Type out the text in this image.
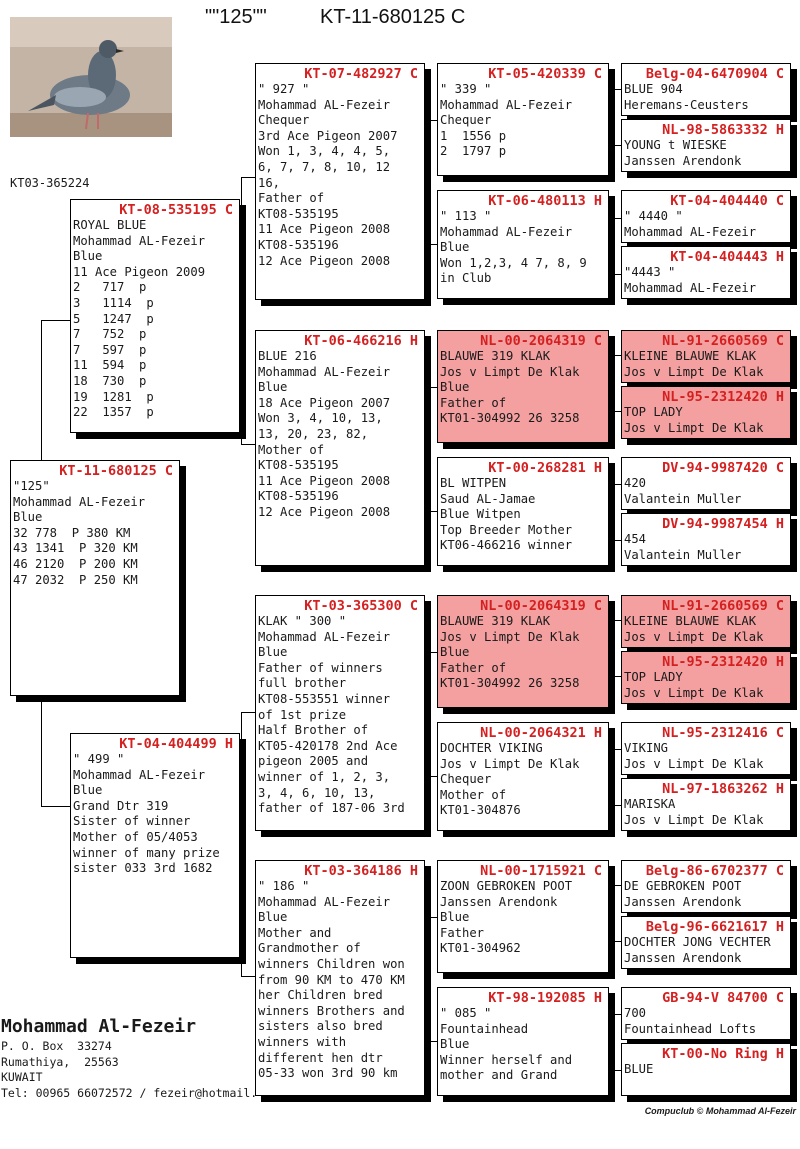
""125""	KT-11-680125 C
KT03-365224
KT-11-680125 C
"125"
Mohammad AL-Fezeir
Blue
32 778  P 380 KM
43 1341  P 320 KM
46 2120  P 200 KM
47 2032  P 250 KM
KT-08-535195 C
ROYAL BLUE
Mohammad AL-Fezeir
Blue
11 Ace Pigeon 2009
2   717  p
3   1114  p
5   1247  p
7   752  p
7   597  p
11  594  p
18  730  p
19  1281  p
22  1357  p
KT-04-404499 H
" 499 "
Mohammad AL-Fezeir
Blue
Grand Dtr 319
Sister of winner
Mother of 05/4053
winner of many prize
sister 033 3rd 1682
KT-07-482927 C
" 927 "
Mohammad AL-Fezeir
Chequer
3rd Ace Pigeon 2007
Won 1, 3, 4, 4, 5,
6, 7, 7, 8, 10, 12
16,
Father of
KT08-535195
11 Ace Pigeon 2008
KT08-535196
12 Ace Pigeon 2008
KT-06-466216 H
BLUE 216
Mohammad AL-Fezeir
Blue
18 Ace Pigeon 2007
Won 3, 4, 10, 13,
13, 20, 23, 82,
Mother of
KT08-535195
11 Ace Pigeon 2008
KT08-535196
12 Ace Pigeon 2008
KT-03-365300 C
KLAK " 300 "
Mohammad AL-Fezeir
Blue
Father of winners
full brother
KT08-553551 winner
of 1st prize
Half Brother of
KT05-420178 2nd Ace
pigeon 2005 and
winner of 1, 2, 3,
3, 4, 6, 10, 13,
father of 187-06 3rd
KT-03-364186 H
" 186 "
Mohammad AL-Fezeir
Blue
Mother and
Grandmother of
winners Children won
from 90 KM to 470 KM
her Children bred
winners Brothers and
sisters also bred
winners with
different hen dtr
05-33 won 3rd 90 km
KT-05-420339 C
" 339 "
Mohammad AL-Fezeir
Chequer
1  1556 p
2  1797 p
KT-06-480113 H
" 113 "
Mohammad AL-Fezeir
Blue
Won 1,2,3, 4 7, 8, 9
in Club
NL-00-2064319 C
BLAUWE 319 KLAK
Jos v Limpt De Klak
Blue
Father of
KT01-304992 26 3258
KT-00-268281 H
BL WITPEN
Saud AL-Jamae
Blue Witpen
Top Breeder Mother
KT06-466216 winner
NL-00-2064319 C
BLAUWE 319 KLAK
Jos v Limpt De Klak
Blue
Father of
KT01-304992 26 3258
NL-00-2064321 H
DOCHTER VIKING
Jos v Limpt De Klak
Chequer
Mother of
KT01-304876
NL-00-1715921 C
ZOON GEBROKEN POOT
Janssen Arendonk
Blue
Father
KT01-304962
KT-98-192085 H
" 085 "
Fountainhead
Blue
Winner herself and
mother and Grand
Belg-04-6470904 C
BLUE 904
Heremans-Ceusters
NL-98-5863332 H
YOUNG t WIESKE
Janssen Arendonk
KT-04-404440 C
" 4440 "
Mohammad AL-Fezeir
KT-04-404443 H
"4443 "
Mohammad AL-Fezeir
NL-91-2660569 C
KLEINE BLAUWE KLAK
Jos v Limpt De Klak
NL-95-2312420 H
TOP LADY
Jos v Limpt De Klak
DV-94-9987420 C
420
Valantein Muller
DV-94-9987454 H
454
Valantein Muller
NL-91-2660569 C
KLEINE BLAUWE KLAK
Jos v Limpt De Klak
NL-95-2312420 H
TOP LADY
Jos v Limpt De Klak
NL-95-2312416 C
VIKING
Jos v Limpt De Klak
NL-97-1863262 H
MARISKA
Jos v Limpt De Klak
Belg-86-6702377 C
DE GEBROKEN POOT
Janssen Arendonk
Belg-96-6621617 H
DOCHTER JONG VECHTER
Janssen Arendonk
GB-94-V 84700 C
700
Fountainhead Lofts
KT-00-No Ring H
BLUE
Mohammad Al-Fezeir
P. O. Box  33274
Rumathiya,  25563
KUWAIT
Tel: 00965 66072572 / fezeir@hotmail.
Compuclub © Mohammad Al-Fezeir
